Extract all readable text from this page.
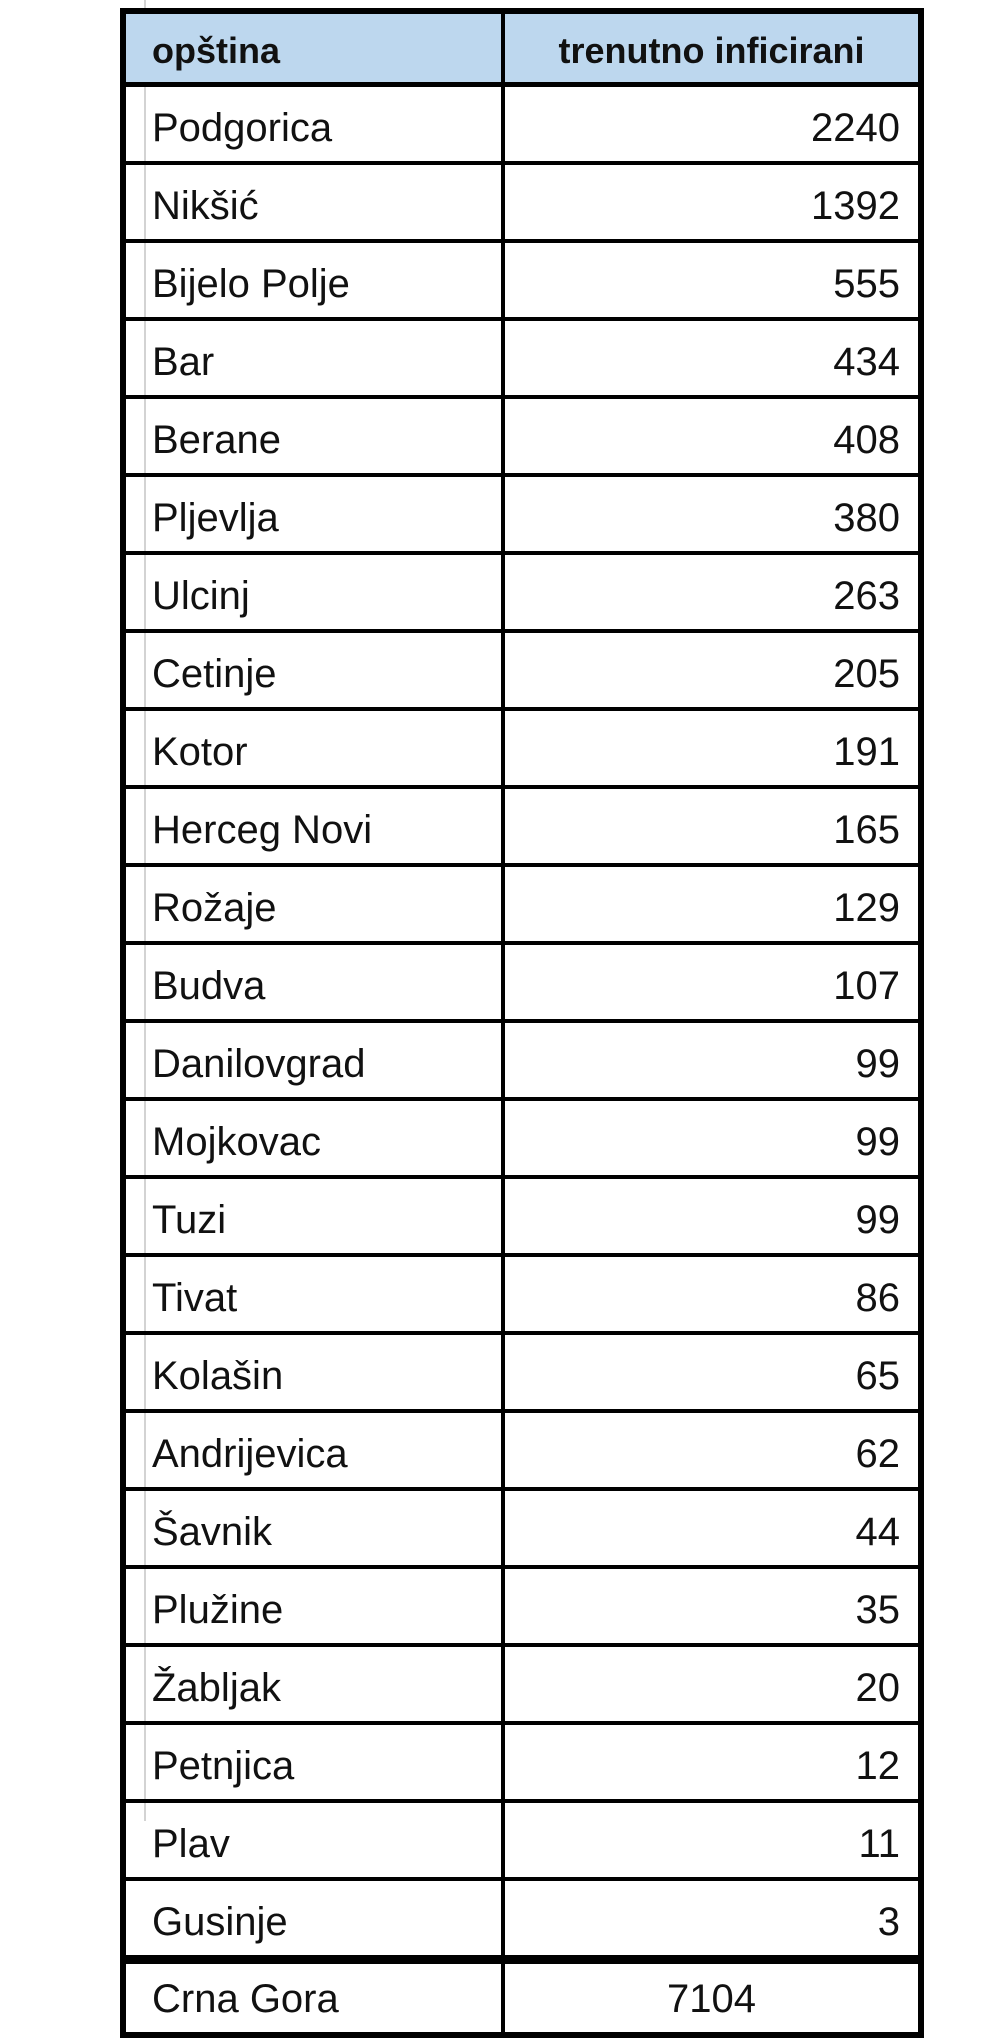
opština	trenutno inficirani
Podgorica	2240
Nikšić	1392
Bijelo Polje	555
Bar	434
Berane	408
Pljevlja	380
Ulcinj	263
Cetinje	205
Kotor	191
Herceg Novi	165
Rožaje	129
Budva	107
Danilovgrad	99
Mojkovac	99
Tuzi	99
Tivat	86
Kolašin	65
Andrijevica	62
Šavnik	44
Plužine	35
Žabljak	20
Petnjica	12
Plav	11
Gusinje	3
Crna Gora	7104
